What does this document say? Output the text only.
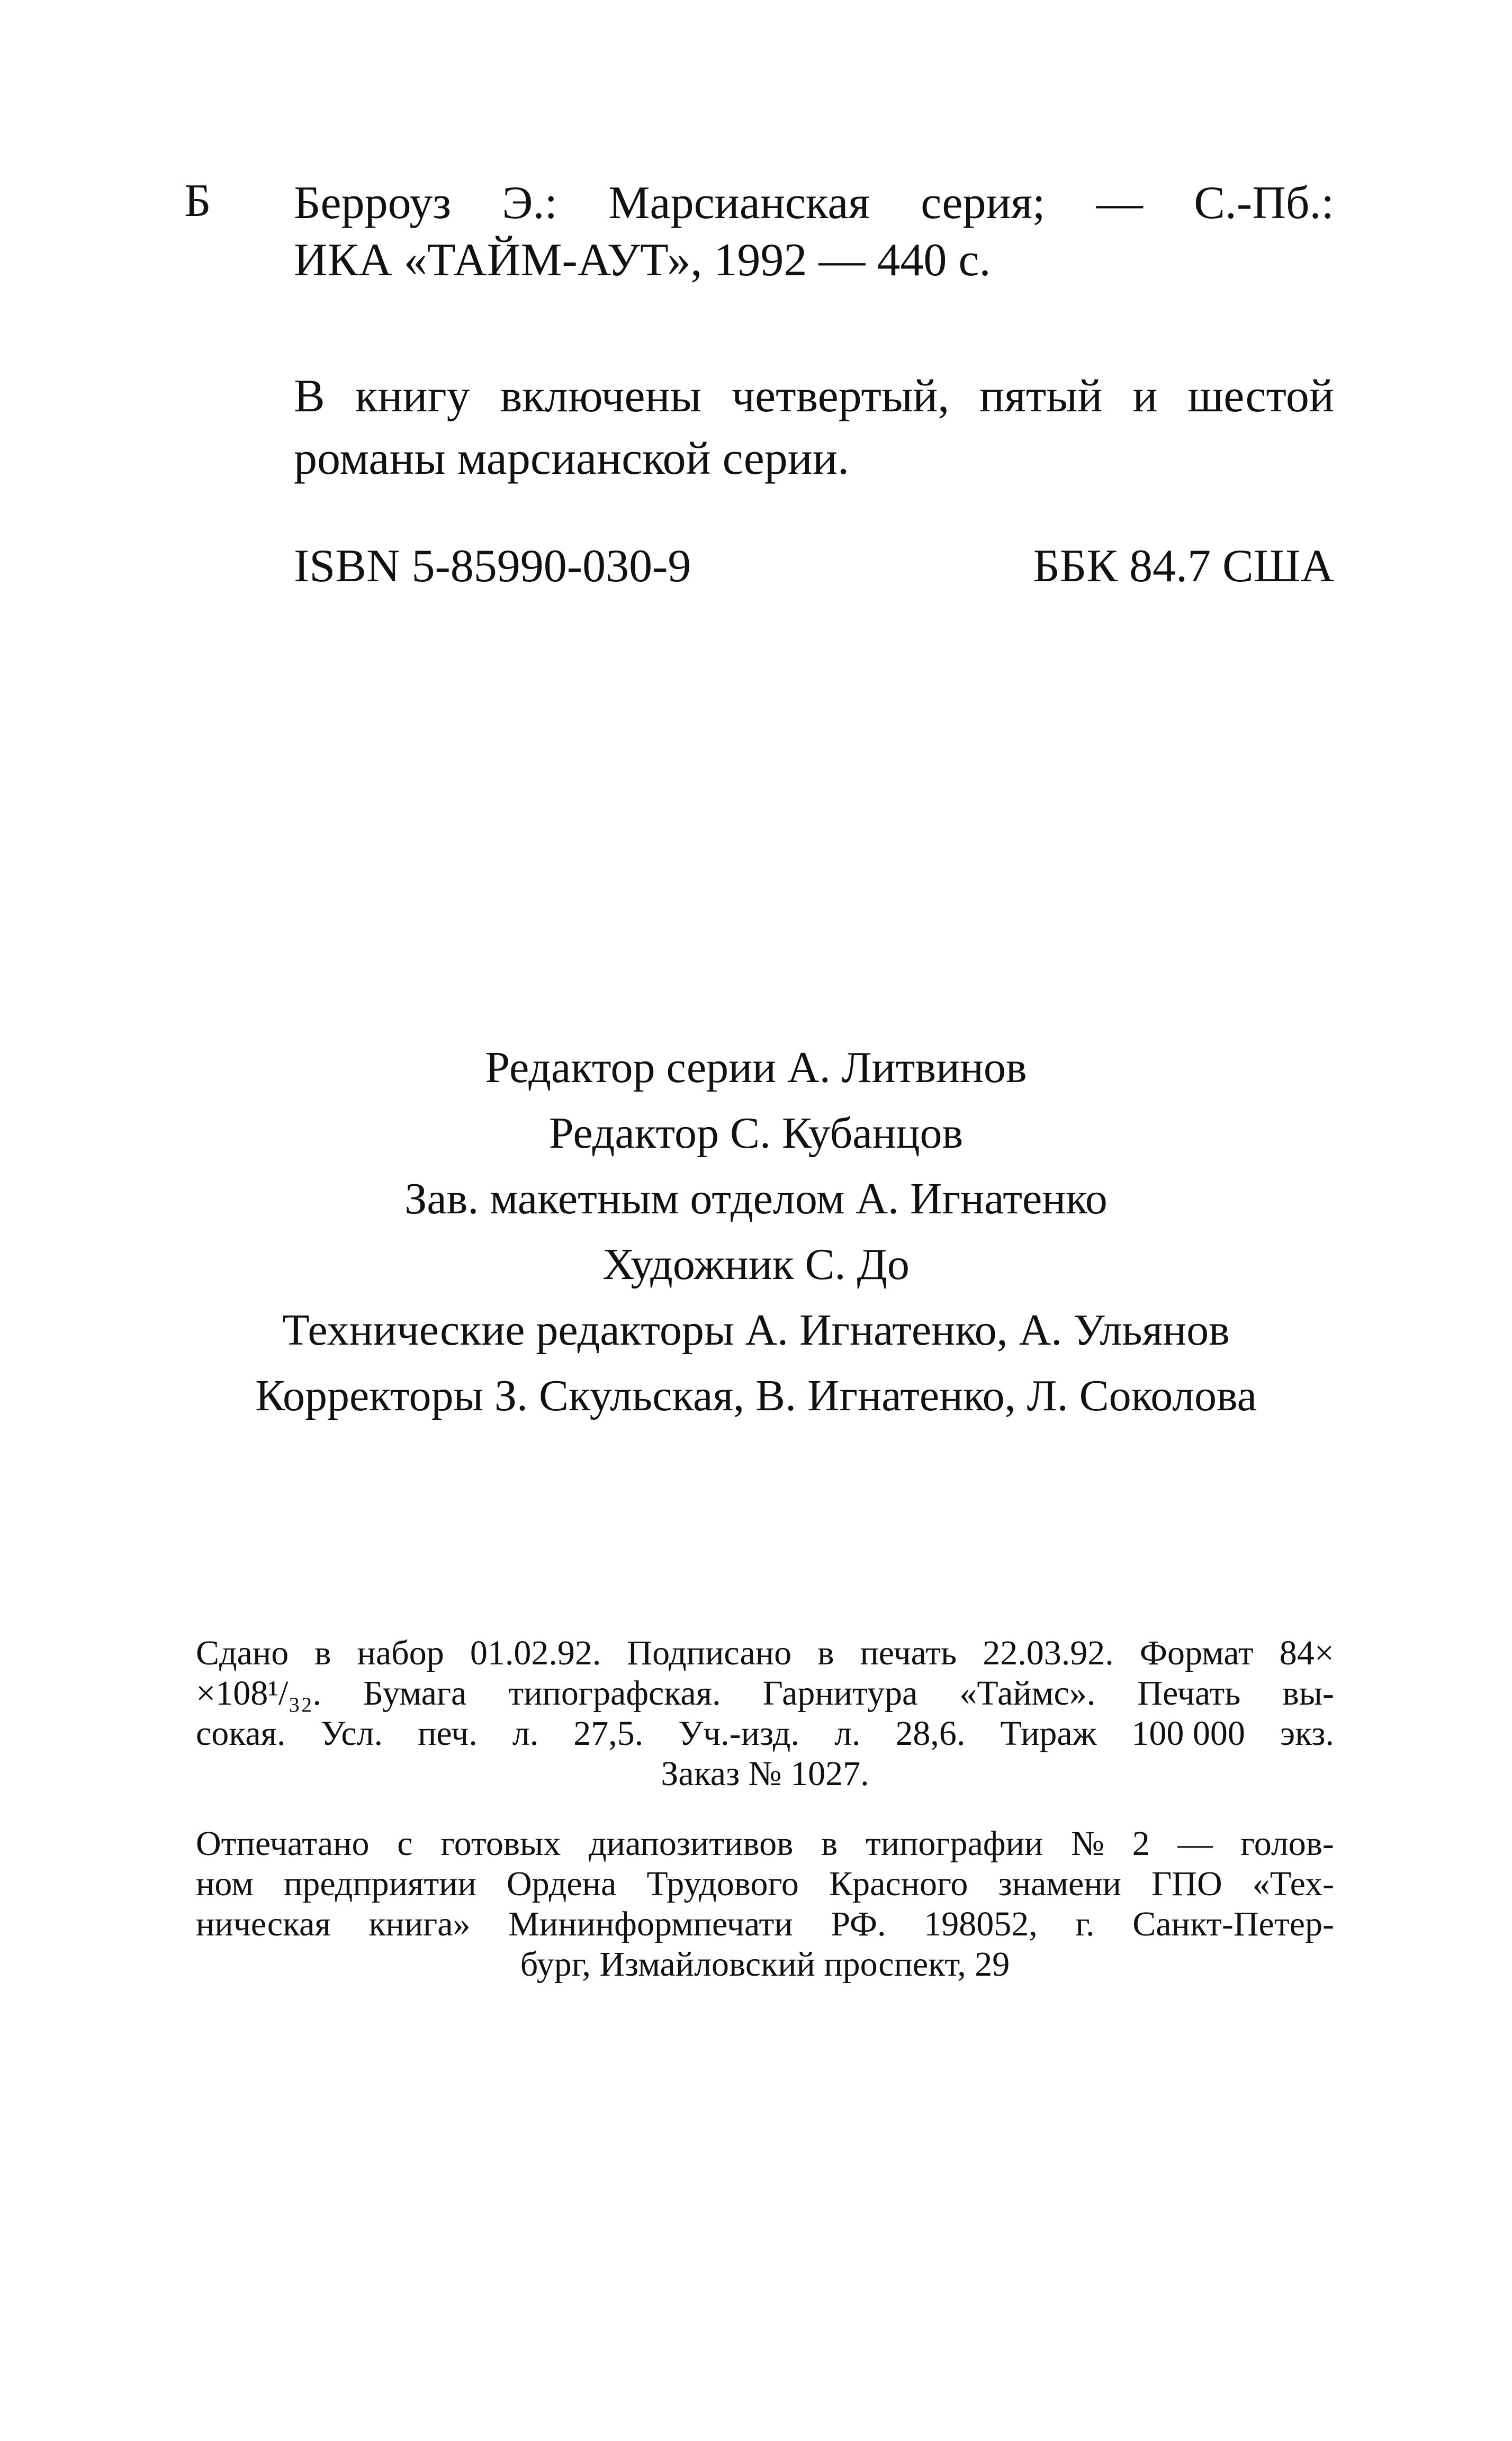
Б Берроуз Э.: Марсианская серия; — С.-Пб.:
ИКА «ТАЙМ-АУТ», 1992 — 440 с.
В книгу включены четвертый, пятый и шестой
романы марсианской серии.
ISBN 5-85990-030-9	ББК 84.7 США
Редактор серии А. Литвинов
Редактор С. Кубанцов
Зав. макетным отделом А. Игнатенко
Художник С. До
Технические редакторы А. Игнатенко, А. Ульянов
Корректоры З. Скульская, В. Игнатенко, Л. Соколова
Сдано в набор 01.02.92. Подписано в печать 22.03.92. Формат 84×
×108¹/₃₂. Бумага типографская. Гарнитура «Таймс». Печать вы-
сокая. Усл. печ. л. 27,5. Уч.-изд. л. 28,6. Тираж 100 000 экз.
Заказ № 1027.
Отпечатано с готовых диапозитивов в типографии № 2 — голов-
ном предприятии Ордена Трудового Красного знамени ГПО «Тех-
ническая книга» Мининформпечати РФ. 198052, г. Санкт-Петер-
бург, Измайловский проспект, 29
